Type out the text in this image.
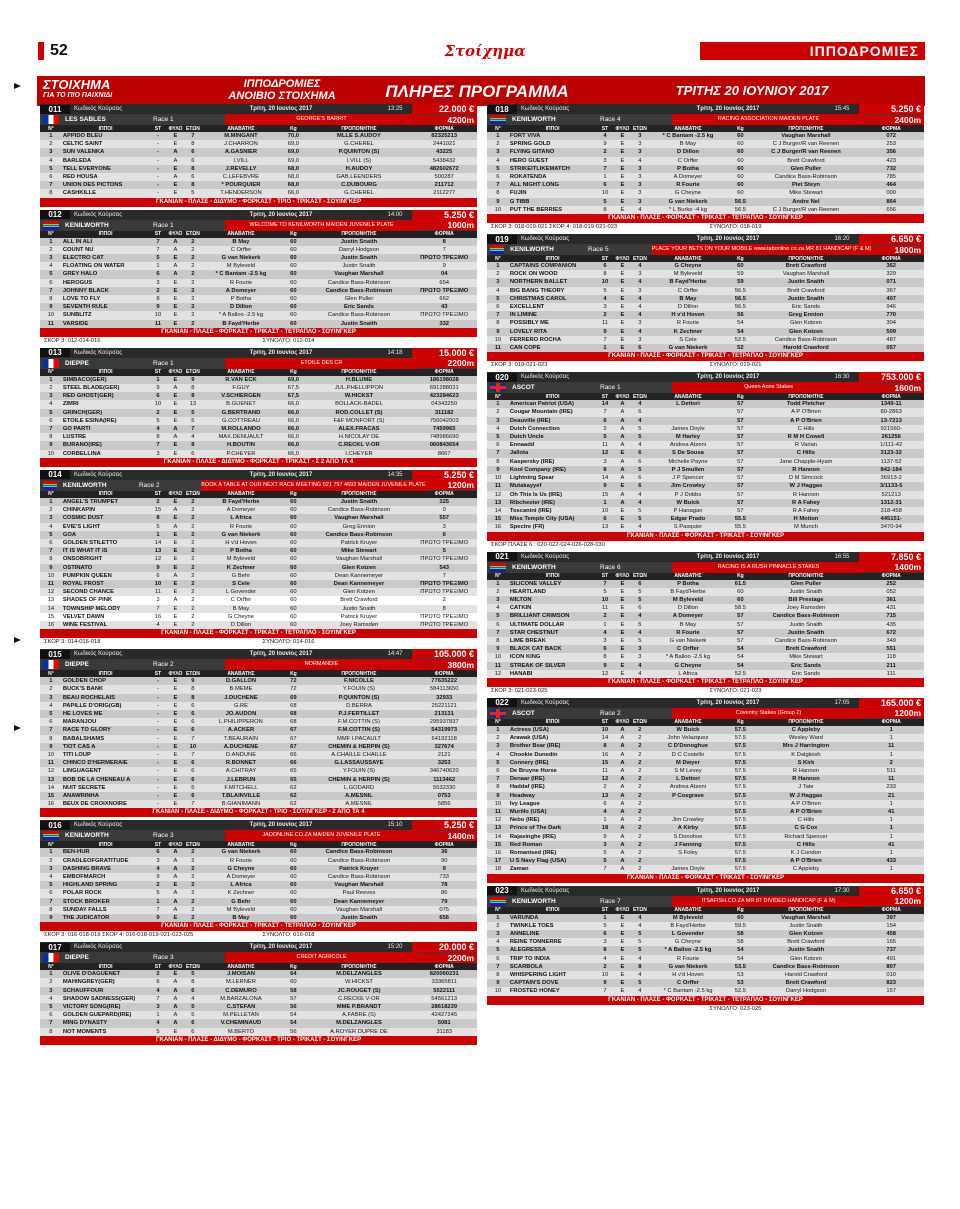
52	Στοίχημα	ΙΠΠΟΔΡΟΜΙΕΣ
ΣΤΟΙΧΗΜΑ
ΓΙΑ ΤΟ ΠΙΟ ΠΑΙΧΝΙΔΙ
ΙΠΠΟΔΡΟΜΙΕΣ
ΑΝΟΙΒΙΟ ΣΤΟΙΧΗΜΑ	ΠΛΗΡΕΣ ΠΡΟΓΡΑΜΜΑ	ΤΡΙΤΗΣ 20 ΙΟΥΝΙΟΥ 2017
011	Κωδικός Κούρσας	Τρίτη, 20 Ιουνίος 2017	13:25	22.000 €
LES SABLES	Race 1	GEORGE'S BARRIT	4200m
Ν°	ΙΠΠΟΙ	ST	ΦΥΛΟ	ΕΤΩΝ	ΑΝΑΒΑΤΗΣ	Kg	ΠΡΟΠΟΝΗΤΗΣ	ΦΟΡΜΑ
1	APPIDO BLEU	-	E	7	M.MINGANT	70,0	MLLE S.AUDOY	82325213
2	CELTIC SAINT	-	E	8	J.CHARRON	69,0	G.CHEREL	2441021
3	SUN VALENKA	-	A	6	A.GASNIER	69,0	P.QUINTON (S)	43225
4	BARLEDA	-	A	6	I.VILL	69,0	I.VILL (S)	5438432
5	TELL EVERYONE	-	E	8	J.REVELLY	68,0	H.AUDOY	482602672
6	RED HOUSA	-	A	6	C.LEFEBVRE	68,0	GAB.LEENDERS	500287
7	UNION DES PICTONS	-	E	8	* POURQUIER	68,0	C.DUBOURG	211712
8	CASHKILLE	-	E	5	T.HENDERSON	66,0	G.CHEREL	2112277
ΓΚΑΝΙΑΝ - ΠΛΑΣΕ - ΔΙΔΥΜΟ - ΦΟΡΚΑΣΤ - ΤΡΙΟ - ΤΡΙΚΑΣΤ - ΣΟΥΙΝΓΚΕΡ
012	Κωδικός Κούρσας	Τρίτη, 20 Ιουνίος 2017	14:00	5.250 €
KENILWORTH	Race 1	WELCOME TO KENILWORTH MAIDEN JUVENILE PLATE	1000m
Ν°	ΙΠΠΟΙ	ST	ΦΥΛΟ	ΕΤΩΝ	ΑΝΑΒΑΤΗΣ	Kg	ΠΡΟΠΟΝΗΤΗΣ	ΦΟΡΜΑ
1	ALL IN ALI	7	A	2	B May	60	Justin Snaith	8
2	COUNT NU	7	A	2	C Orffer	60	Darryl Hodgson	7
3	ELECTRO CAT	5	E	2	G van Niekerk	60	Justin Snaith	ΠΡΩΤΟ ΤΡΕΞΙΜΟ
4	FLOATING ON WATER	1	A	2	M Byleveld	60	Justin Snaith	9
5	GREY HALO	6	A	2	* C Bantam -2.5 kg	60	Vaughan Marshall	04
6	HEROGUS	3	E	2	R Fourie	60	Candice Bass-Robinson	654
7	JOHNNY BLACK	2	E	2	A Domeyer	60	Candice Bass-Robinson	ΠΡΩΤΟ ΤΡΕΞΙΜΟ
8	LOVE TO FLY	8	E	2	P Botha	60	Glen Puller	662
9	SEVENTH RULE	9	E	2	D Dillon	60	Eric Sands	43
10	SUNBLITZ	10	E	2	* A Balloo -2.5 kg	60	Candice Bass-Robinson	ΠΡΩΤΟ ΤΡΕΞΙΜΟ
11	VARSIDE	11	E	2	B Fayd'Herbe	60	Justin Snaith	332
ΓΚΑΝΙΑΝ - ΠΛΑΣΕ - ΦΟΡΚΑΣΤ - ΤΡΙΚΑΣΤ - ΤΕΤΡΑΠΛΟ - ΣΟΥΙΝΓΚΕΡ
ΣΚΟΡ 3: 012-014-016	ΣΥΝΟΛΤΟ: 012-014
013	Κωδικός Κούρσας	Τρίτη, 20 Ιουνίος 2017	14:18	15.000 €
DIEPPE	Race 1	ETOILE DES CR	2200m
Ν°	ΙΠΠΟΙ	ST	ΦΥΛΟ	ΕΤΩΝ	ΑΝΑΒΑΤΗΣ	Kg	ΠΡΟΠΟΝΗΤΗΣ	ΦΟΡΜΑ
1	SIMBACO(GER)	1	E	9	R.VAN ECK	69,0	H.BLUME	186198028
2	STEEL BLADE(GER)	9	A	8	F.GUY	67,5	JUL.PHELLIPPON	691288031
3	RED GHOST(GER)	6	E	8	V.SCHIERGEN	67,5	W.HICKST	423284623
4	ZIMRI	10	E	13	B.GUENET	66,0	BOLLACK-BADEL	04343250
5	GRINCH(GER)	2	E	5	G.BERTRAND	66,0	ROD.COLLET (S)	311182
6	ETOILE ESINA(IRE)	5	E	5	G.COTTREAU	66,0	F&F MONFORT (S)	756042003
7	GO PARTI	4	A	7	M.ROLLANDO	66,0	ALEX.FRACAS	7459965
8	LUSTRE	8	A	4	MAX.DENUAULT	66,0	H.NICOLAY DE	748986690
9	BURANO(IRE)	7	E	8	H.BOUTIN	66,0	C.RECKL V-OR	060843654
10	CORBELLINA	3	E	6	P.CHEYER	66,0	I.CHEYER	8667
ΓΚΑΝΙΑΝ - ΠΛΑΣΕ - ΔΙΔΥΜΟ - ΦΟΡΚΑΣΤ - ΤΡΙΚΑΣΤ - Σ 2 ΑΠΟ ΤΑ 4
014	Κωδικός Κούρσας	Τρίτη, 20 Ιουνίος 2017	14:35	5.250 €
KENILWORTH	Race 2	BOOK A TABLE AT OUR NEXT RACE MEETING 021 797 4692 MAIDEN JUVENILE PLATE	1200m
Ν°	ΙΠΠΟΙ	ST	ΦΥΛΟ	ΕΤΩΝ	ΑΝΑΒΑΤΗΣ	Kg	ΠΡΟΠΟΝΗΤΗΣ	ΦΟΡΜΑ
1	ANGEL'S TRUMPET	2	E	2	B Fayd'Herbe	60	Justin Snaith	325
2	CHINKAPIN	15	A	2	A Domeyer	60	Candice Bass-Robinson	0
3	COSMIC DUST	8	E	2	L Africa	60	Vaughan Marshall	557
4	EVIE'S LIGHT	5	A	2	R Fourie	60	Greg Ennion	3
5	GOA	1	E	2	G van Niekerk	60	Candice Bass-Robinson	6
6	GOLDEN STILETTO	14	E	2	H v'd Hoven	60	Patrick Kruyer	ΠΡΩΤΟ ΤΡΕΞΙΜΟ
7	IT IS WHAT IT IS	13	E	2	P Botha	60	Mike Stewart	5
8	ONSOBRIGHT	12	E	2	M Byleveld	60	Vaughan Marshall	ΠΡΩΤΟ ΤΡΕΞΙΜΟ
9	OSTINATO	9	E	2	K Zechner	60	Glen Kotzen	543
10	PUMPKIN QUEEN	6	A	2	G Behr	60	Dean Kannemeyer	7
11	ROYAL FROST	10	E	2	S Cele	60	Dean Kannemeyer	ΠΡΩΤΟ ΤΡΕΞΙΜΟ
12	SECOND CHANCE	11	E	2	L Govender	60	Glen Kotzen	ΠΡΩΤΟ ΤΡΕΞΙΜΟ
13	SHADES OF PINK	3	A	2	C Orffer	60	Brett Crawford	2
14	TOWNSHIP MELODY	7	E	2	B May	60	Justin Snaith	8
15	VELVET DAWN	16	E	2	G Cheyne	60	Patrick Kruyer	ΠΡΩΤΟ ΤΡΕΞΙΜΟ
16	WINE FESTIVAL	4	E	2	D Dillon	60	Joey Ramsden	ΠΡΩΤΟ ΤΡΕΞΙΜΟ
ΓΚΑΝΙΑΝ - ΠΛΑΣΕ - ΦΟΡΚΑΣΤ - ΤΡΙΚΑΣΤ - ΤΕΤΡΑΠΛΟ - ΣΟΥΙΝΓΚΕΡ
ΣΚΟΡ 3: 014-016-018	ΣΥΝΟΛΤΟ: 014-016
015	Κωδικός Κούρσας	Τρίτη, 20 Ιουνίος 2017	14:47	105.000 €
DIEPPE	Race 2	NORMANDIE	3800m
Ν°	ΙΠΠΟΙ	ST	ΦΥΛΟ	ΕΤΩΝ	ΑΝΑΒΑΤΗΣ	Kg	ΠΡΟΠΟΝΗΤΗΣ	ΦΟΡΜΑ
1	GOLDEN CHOP	-	E	9	D.GALLON	72	F.NICOLLE	77635222
2	BUCK'S BANK	-	E	8	B.MEME	72	Y.FOUIN (S)	584113650
3	BEAU ROCHELAIS	-	E	8	J.DUCHENE	69	P.QUINTON (S)	32933
4	PAPILLE D'ORIG(GB)	-	E	6	G.RE	68	D.BERRA	25221121
5	HE LOVES ME	-	E	6	JO.AUDON	68	P.J.FERTILLET	213131
6	MARANJOU	-	E	6	L.PHILIPPERON	68	F.M.COTTIN (S)	295937837
7	RACE TO GLORY	-	E	6	A.ACKER	67	F.M.COTTIN (S)	54319973
8	BABALSHAMS	-	E	7	T.BEAURAIN	67	MMF I.PACAULT	64192118
9	TIOT CAS A	-	E	10	A.DUCHENE	67	CHEMIN & HERPIN (S)	327674
10	TITI LOUP	-	E	7	D.ANDUNE	66	A.CHAILLE CHAILLE	2121
11	CHINCO D'HERMERAIE	-	E	6	R.BONNET	66	G.LASSAUSSAYE	3253
12	LINGUAGENT	-	E	6	A.CHITRAY	65	Y.FOUIN (S)	346740620
13	BOB DE LA CHENEAU A	-	E	6	J.LEBRUN	65	CHEMIN & HERPIN (S)	1113462
14	NUIT SECRETE	-	E	5	F.MITCHELL	62	L.GODARD	5532330
15	ANAWRINHA	-	E	6	T.BLAINVILLE	62	A.MESNIL	0753
16	BEUX DE CROIXNOIRE	-	E	7	B.GIANIMANN	62	A.MESNIL	5856
ΓΚΑΝΙΑΝ - ΠΛΑΣΕ - ΔΙΔΥΜΟ - ΦΟΡΚΑΣΤ - ΤΡΙΟ - ΣΟΥΙΝΓΚΕΡ - 2 ΑΠΟ ΤΑ 4
016	Κωδικός Κούρσας	Τρίτη, 20 Ιουνίος 2017	15:10	5.250 €
KENILWORTH	Race 3	JADONLINE.CO.ZA MAIDEN JUVENILE PLATE	1400m
Ν°	ΙΠΠΟΙ	ST	ΦΥΛΟ	ΕΤΩΝ	ΑΝΑΒΑΤΗΣ	Kg	ΠΡΟΠΟΝΗΤΗΣ	ΦΟΡΜΑ
1	BEN-HUR	6	A	2	G van Niekerk	60	Candice Bass-Robinson	36
2	CRADLEOFGRATITUDE	3	A	2	R Fourie	60	Candice Bass-Robinson	90
3	DASHING BRAVE	4	A	2	G Cheyne	60	Patrick Kruyer	9
4	EMBOFMARCH	9	A	2	A Domeyer	60	Candice Bass-Robinson	733
5	HIGHLAND SPRING	2	E	2	L Africa	60	Vaughan Marshall	78
6	POLAR ROCK	5	A	2	K Zechner	60	Paul Reeves	86
7	STOCK BROKER	1	A	2	G Behr	60	Dean Kannemeyer	79
8	SUNDAY FALLS	7	A	2	M Byleveld	60	Vaughan Marshall	075
9	THE JUDICATOR	9	E	2	B May	60	Justin Snaith	656
ΓΚΑΝΙΑΝ - ΠΛΑΣΕ - ΦΟΡΚΑΣΤ - ΤΡΙΚΑΣΤ - ΤΕΤΡΑΠΛΟ - ΣΟΥΙΝΓΚΕΡ
ΣΚΟΡ 3: 016-018-019 ΣΚΟΡ 4: 016-018-019-021-023-025	ΣΥΝΟΛΤΟ: 016-018
017	Κωδικός Κούρσας	Τρίτη, 20 Ιουνίος 2017	15:20	20.000 €
DIEPPE	Race 3	CREDIT AGRICOLE	2200m
Ν°	ΙΠΠΟΙ	ST	ΦΥΛΟ	ΕΤΩΝ	ΑΝΑΒΑΤΗΣ	Kg	ΠΡΟΠΟΝΗΤΗΣ	ΦΟΡΜΑ
1	OLIVE D'OAGUENET	2	E	5	J.MOISAN	64	M.DELZANGLES	820060231
2	MAHINGREY(GER)	6	A	8	M.LERNER	60	W.HICKST	33365811
3	SCHAUFFOUR	4	A	6	C.DEMURO	58	JC.ROUGET (S)	5522111
4	SHADOW SADNESS(GER)	7	A	4	M.BARZALONA	57	C.RECKE V-OR	54561213
5	VICTORY SONG(IRE)	3	A	5	C.STEFAN	56	MME P.BRANDT	28618239
6	GOLDEN GUEPARD(IRE)	1	A	5	M.PELLETAN	54	A.FABRE (S)	42427245
7	MING DYNASTY	4	A	6	V.CHEMINAUD	54	M.DELZANGLES	5081
8	NOT MOMENTS	5	E	6	M.BERTO	56	A.ROYER DUPRE DE	31183
ΓΚΑΝΙΑΝ - ΠΛΑΣΕ - ΔΙΔΥΜΟ - ΦΟΡΚΑΣΤ - ΤΡΙΟ - ΤΡΙΚΑΣΤ - ΣΟΥΙΝΓΚΕΡ
018	Κωδικός Κούρσας	Τρίτη, 20 Ιουνίος 2017	15:45	5.250 €
KENILWORTH	Race 4	RACING ASSOCIATION MAIDEN PLATE	2400m
Ν°	ΙΠΠΟΙ	ST	ΦΥΛΟ	ΕΤΩΝ	ΑΝΑΒΑΤΗΣ	Kg	ΠΡΟΠΟΝΗΤΗΣ	ΦΟΡΜΑ
1	FORT VIVA	4	E	3	* C Bantam -2.5 kg	60	Vaughan Marshall	072
2	SPRING GOLD	9	E	3	B May	60	C J Burger/R van Reenen	253
3	FLYING GITANO	2	E	3	D Dillon	60	C J Burger/R van Reenen	356
4	HERO GUEST	3	E	4	C Orffer	60	Brett Crawford	423
5	STRIKEITLIKEMATCH	7	E	3	P Botha	60	Glen Puller	732
6	ROKATENDA	1	E	3	A Domeyer	60	Candice Bass-Robinson	785
7	ALL NIGHT LONG	6	E	3	R Fourie	60	Piet Steyn	464
8	FUJIN	10	E	3	G Cheyne	60	Mike Stewart	000
9	G TIBB	5	E	3	G van Niekerk	56.5	Andre Nel	864
10	PUT THE BERRIES	8	E	4	* L Burke -4 kg	56.5	C J Burger/R van Reenen	656
ΓΚΑΝΙΑΝ - ΠΛΑΣΕ - ΦΟΡΚΑΣΤ - ΤΡΙΚΑΣΤ - ΤΕΤΡΑΠΛΟ - ΣΟΥΙΝΓΚΕΡ
ΣΚΟΡ 3: 018-019-021 ΣΚΟΡ 4: 018-019-021-023	ΣΥΝΟΛΤΟ: 018-019
019	Κωδικός Κούρσας	Τρίτη, 20 Ιουνίος 2017	16:20	6.650 €
KENILWORTH	Race 5	PLACE YOUR BETS ON YOUR MOBILE www.tabonline.co.za MR 81 HANDICAP (F & M)	1800m
Ν°	ΙΠΠΟΙ	ST	ΦΥΛΟ	ΕΤΩΝ	ΑΝΑΒΑΤΗΣ	Kg	ΠΡΟΠΟΝΗΤΗΣ	ΦΟΡΜΑ
1	CAPTAINS COMPANION	6	E	4	G Cheyne	60	Brett Crawford	362
2	ROCK ON WOOD	8	E	3	M Byleveld	59	Vaughan Marshall	329
3	NORTHERN BALLET	10	E	4	B Fayd'Herbe	59	Justin Snaith	071
4	BIG BANG THEORY	5	E	3	C Orffer	56.5	Brett Crawford	367
5	CHRISTMAS CAROL	4	E	4	B May	56.5	Justin Snaith	407
6	EXCELLENT	3	E	4	D Dillon	56.5	Eric Sands	946
7	IN LIMINE	2	E	4	H v'd Hoven	56	Greg Ennion	770
8	POSSIBLY ME	11	E	3	R Fourie	54	Glen Kotzen	304
9	LOVELY RITA	9	E	4	K Zechner	54	Glen Kotzen	509
10	FERRERO ROCHA	7	E	3	S Cele	52.5	Candice Bass-Robinson	487
11	CAN COPE	1	E	6	G van Niekerk	52	Harold Crawford	057
ΓΚΑΝΙΑΝ - ΠΛΑΣΕ - ΦΟΡΚΑΣΤ - ΤΡΙΚΑΣΤ - ΤΕΤΡΑΠΛΟ - ΣΟΥΙΝΓΚΕΡ
ΣΚΟΡ 3: 019-021-023	ΣΥΝΟΛΤΟ: 019-021
020	Κωδικός Κούρσας	Τρίτη, 20 Ιουνίος 2017	16:30	753.000 €
ASCOT	Race 1	Queen Anne Stakes	1600m
Ν°	ΙΠΠΟΙ	ST	ΦΥΛΟ	ΕΤΩΝ	ΑΝΑΒΑΤΗΣ	Kg	ΠΡΟΠΟΝΗΤΗΣ	ΦΟΡΜΑ
1	American Patriot (USA)	14	A	4	L Dettori	57	Todd Pletcher	1349-11
2	Cougar Mountain (IRE)	7	A	6		57	A P O'Brien	80-2863
3	Deauville (IRE)	6	A	4		57	A P O'Brien	13-7213
4	Dutch Connection	2	A	5	James Doyle	57	C Hills	921560-
5	Dutch Uncle	5	A	5	M Harley	57	R M H Cowell	261256
6	Ennaadd	11	A	4	Andrea Atzeni	57	R Varian	1/111-42
7	Jallota	12	E	6	S De Sousa	57	C Hills	3123-32
8	Kaspersky (IRE)	3	A	6	Michelle Payne	57	Jane Chapple-Hyam	1137-52
9	Kool Company (IRE)	8	A	5	P J Smullen	57	R Hannon	842-184
10	Lightning Spear	14	A	6	J P Spencer	57	D M Simcock	36913-2
11	Mutakayyef	9	E	6	Jim Crowley	57	W J Haggas	3/1133-5
12	Oh This Is Us (IRE)	15	A	4	P J Dobbs	57	R Hannon	521213
13	Ribchester (IRE)	1	A	4	W Buick	57	R A Fahey	1312-31
14	Toscanini (IRE)	10	E	5	P Hanagan	57	R A Fahey	318-458
15	Miss Temple City (USA)	6	E	5	Edgar Prado	55.5	H Motion	445151-
16	Spectre (FR)	13	E	4	S Pasquier	55.5	M Munch	3470-94
ΓΚΑΝΙΑΝ - ΠΛΑΣΕ - ΦΟΡΚΑΣΤ - ΤΡΙΚΑΣΤ - ΣΟΥΙΝΓΚΕΡ
ΣΚΟΡ ΠΛΑΣΕ 6 : 020-022-024-026-028-030
021	Κωδικός Κούρσας	Τρίτη, 20 Ιουνίος 2017	16:55	7.850 €
KENILWORTH	Race 6	RACING IS A RUSH PINNACLE STAKES	1400m
Ν°	ΙΠΠΟΙ	ST	ΦΥΛΟ	ΕΤΩΝ	ΑΝΑΒΑΤΗΣ	Kg	ΠΡΟΠΟΝΗΤΗΣ	ΦΟΡΜΑ
1	SILICONE VALLEY	7	E	6	P Botha	61.5	Glen Puller	252
2	HEARTLAND	5	E	5	B Fayd'Herbe	60	Justin Snaith	052
3	MILTON	10	E	5	M Byleveld	60	Bill Prestage	361
4	CATKIN	11	E	6	D Dillon	58.5	Joey Ramsden	431
5	BRILLIANT CRIMSON	2	E	4	A Domeyer	57	Candice Bass-Robinson	715
6	ULTIMATE DOLLAR	1	E	5	B May	57	Justin Snaith	435
7	STAR CHESTNUT	4	E	4	R Fourie	57	Justin Snaith	672
8	LIME BREAK	3	E	5	G van Niekerk	57	Candice Bass-Robinson	349
9	BLACK CAT BACK	6	E	3	C Orffer	54	Brett Crawford	551
10	ICON KING	8	E	3	* A Balloo -2.5 kg	54	Mike Stewart	118
11	STREAK OF SILVER	9	E	4	G Cheyne	54	Eric Sands	211
12	HANABI	12	E	4	L Africa	52.5	Eric Sands	111
ΓΚΑΝΙΑΝ - ΠΛΑΣΕ - ΦΟΡΚΑΣΤ - ΤΡΙΚΑΣΤ - ΤΕΤΡΑΠΛΟ - ΣΟΥΙΝΓΚΕΡ
ΣΚΟΡ 3: 021-023-025	ΣΥΝΟΛΤΟ: 021-023
022	Κωδικός Κούρσας	Τρίτη, 20 Ιουνίος 2017	17:05	165.000 €
ASCOT	Race 2	Coventry Stakes (Group 2)	1200m
Ν°	ΙΠΠΟΙ	ST	ΦΥΛΟ	ΕΤΩΝ	ΑΝΑΒΑΤΗΣ	Kg	ΠΡΟΠΟΝΗΤΗΣ	ΦΟΡΜΑ
1	Actress (USA)	10	A	2	W Buick	57.5	C Appleby	1
2	Arawak (USA)	14	A	2	John Velazquez	57.5	Wesley Ward	1
3	Brother Bear (IRE)	8	A	2	C D'Donoghue	57.5	Mrs J Harrington	11
4	Chookie Dunedin	16	A	2	D C Costello	57.5	K Dalgleish	1
5	Connery (IRE)	15	A	2	M Dwyer	57.5	S Kirk	2
6	De Bruyne Horse	11	A	2	S M Levey	57.5	R Hannon	511
7	Denaar (IRE)	12	A	2	L Dettori	57.5	R Hannon	11
8	Haddaf (IRE)	2	A	2	Andrea Atzeni	57.5	J Tate	233
9	Headway	13	A	2	P Cosgrave	57.5	W J Haggas	21
10	Ivy League	6	A	2		57.5	A P O'Brien	1
11	Murillo (USA)	4	A	2		57.5	A P O'Brien	41
12	Nebo (IRE)	1	A	2	Jim Crowley	57.5	C Hills	1
13	Prince of The Dark	18	A	2	A Kirby	57.5	C G Cox	1
14	Rajasinghe (IRE)	9	A	2	S Donohoe	57.5	Richard Spencer	1
15	Red Roman	3	A	2	J Fanning	57.5	C Hills	41
16	Romanised (IRE)	5	A	2	S Foley	57.5	K J Condon	1
17	U S Navy Flag (USA)	5	A	2		57.5	A P O'Brien	433
18	Zaman	7	A	2	James Doyle	57.5	C Appleby	1
ΓΚΑΝΙΑΝ - ΠΛΑΣΕ - ΦΟΡΚΑΣΤ - ΤΡΙΚΑΣΤ - ΣΟΥΙΝΓΚΕΡ
023	Κωδικός Κούρσας	Τρίτη, 20 Ιουνίος 2017	17:30	6.650 €
KENILWORTH	Race 7	ITSAFISH.CO.ZA MR 87 DIVIDED HANDICAP (F & M)	1200m
Ν°	ΙΠΠΟΙ	ST	ΦΥΛΟ	ΕΤΩΝ	ΑΝΑΒΑΤΗΣ	Kg	ΠΡΟΠΟΝΗΤΗΣ	ΦΟΡΜΑ
1	VARUNDA	1	E	4	M Byleveld	60	Vaughan Marshall	397
2	TWINKLE TOES	5	E	4	B Fayd'Herbe	59.5	Justin Snaith	154
3	ANNELINE	6	E	5	L Govender	58	Glen Kotzen	458
4	REINE TONNERRE	3	E	5	G Cheyne	58	Brett Crawford	165
5	ALEGRESSA	8	E	5	* A Balloo -2.5 kg	54	Justin Snaith	737
6	TRIP TO INDIA	4	E	4	R Fourie	54	Glen Kotzen	491
7	SCARBOLA	2	E	8	G van Niekerk	53.5	Candice Bass-Robinson	807
8	WHISPERING LIGHT	10	E	4	H v'd Hoven	53	Harold Crawford	010
9	CAPTAIN'S DOVE	9	E	5	C Orffer	53	Brett Crawford	823
10	FROSTED HONEY	7	E	4	* C Bantam -2.5 kg	52.5	Darryl Hodgson	157
ΓΚΑΝΙΑΝ - ΠΛΑΣΕ - ΦΟΡΚΑΣΤ - ΤΡΙΚΑΣΤ - ΤΕΤΡΑΠΛΟ - ΣΟΥΙΝΓΚΕΡ
ΣΥΝΟΛΤΟ: 023-025
